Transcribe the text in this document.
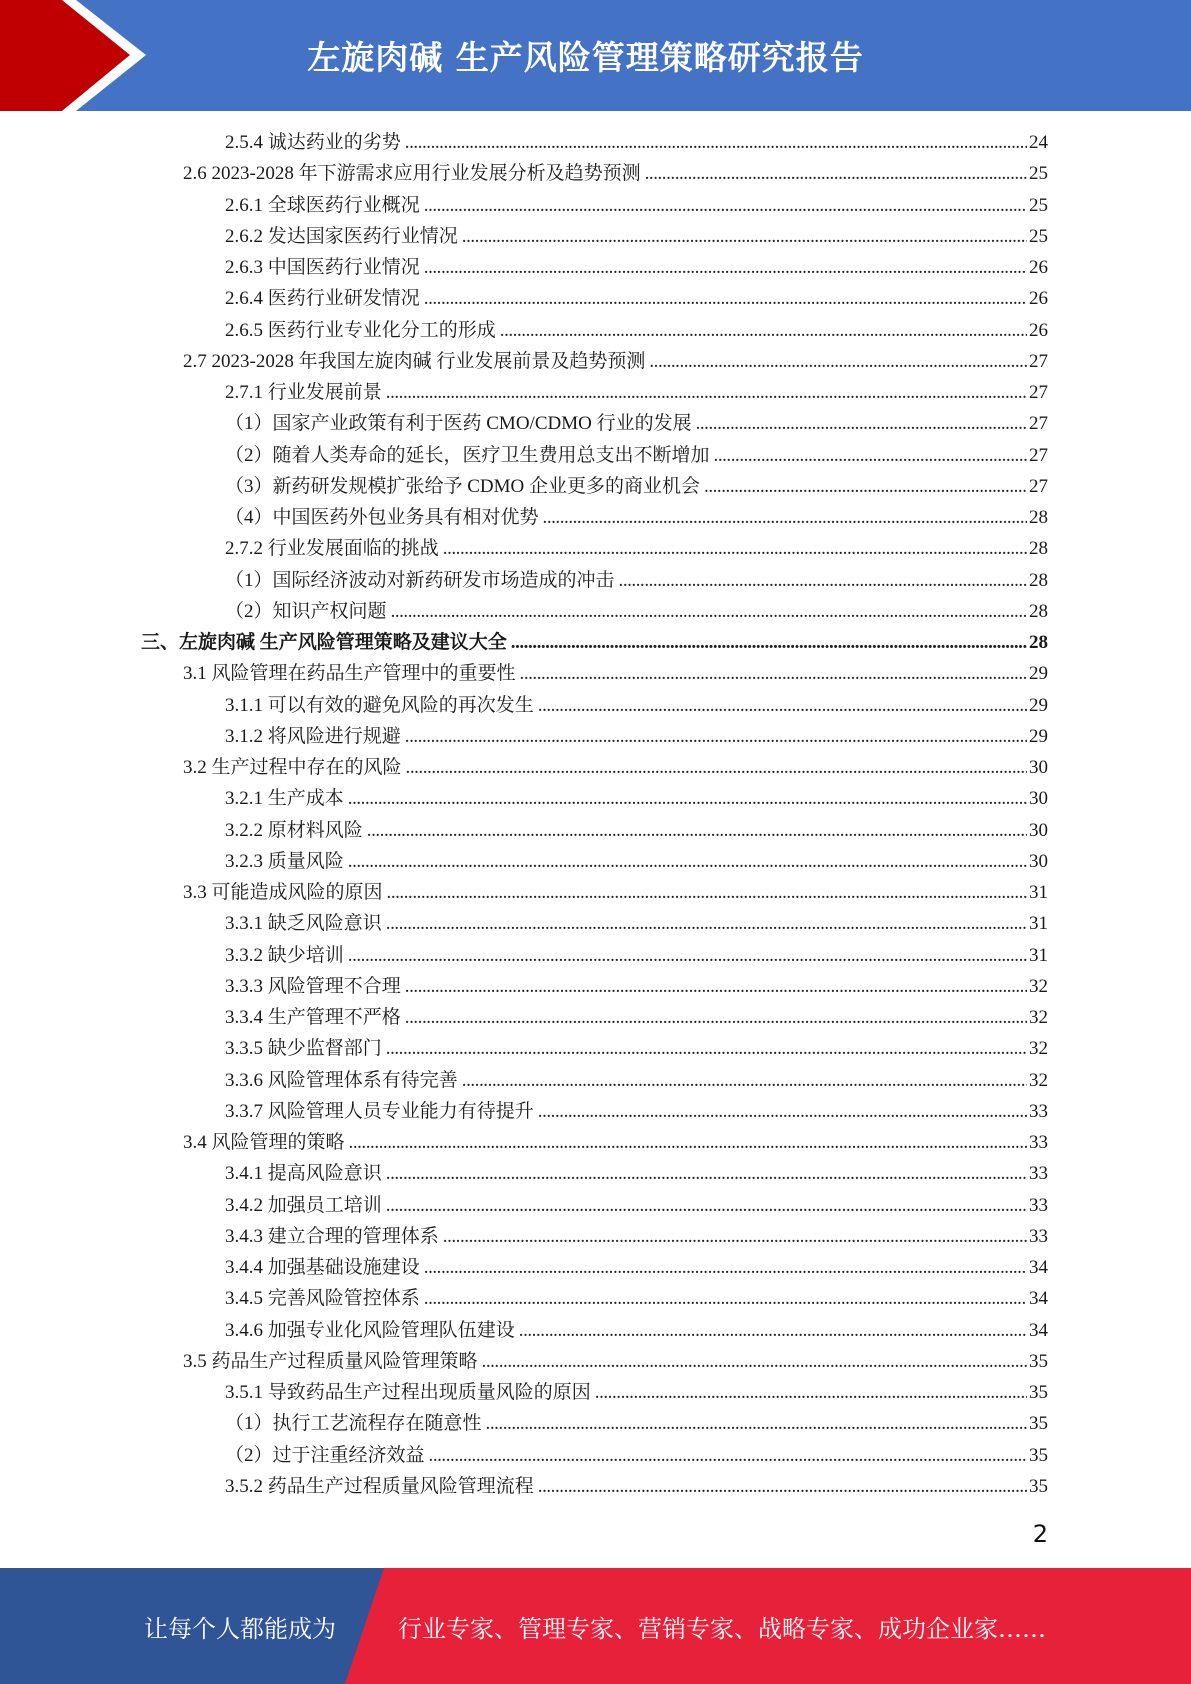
左旋肉碱 生产风险管理策略研究报告
2.5.4 诚达药业的劣势 . . .	24
2.6 2023-2028 年下游需求应用行业发展分析及趋势预测 . . .	25
2.6.1 全球医药行业概况 . . .	25
2.6.2 发达国家医药行业情况 . . .	25
2.6.3 中国医药行业情况 . . .	26
2.6.4 医药行业研发情况 . . .	26
2.6.5 医药行业专业化分工的形成 . . .	26
2.7 2023-2028 年我国左旋肉碱 行业发展前景及趋势预测 . . .	27
2.7.1 行业发展前景 . . .	27
（1）国家产业政策有利于医药 CMO/CDMO 行业的发展 . . .	27
（2）随着人类寿命的延长，医疗卫生费用总支出不断增加 . . .	27
（3）新药研发规模扩张给予 CDMO 企业更多的商业机会 . . .	27
（4）中国医药外包业务具有相对优势 . . .	28
2.7.2 行业发展面临的挑战 . . .	28
（1）国际经济波动对新药研发市场造成的冲击 . . .	28
（2）知识产权问题 . . .	28
三、左旋肉碱 生产风险管理策略及建议大全 . . .	28
3.1 风险管理在药品生产管理中的重要性 . . .	29
3.1.1 可以有效的避免风险的再次发生 . . .	29
3.1.2 将风险进行规避 . . .	29
3.2 生产过程中存在的风险 . . .	30
3.2.1 生产成本 . . .	30
3.2.2 原材料风险 . . .	30
3.2.3 质量风险 . . .	30
3.3 可能造成风险的原因 . . .	31
3.3.1 缺乏风险意识 . . .	31
3.3.2 缺少培训 . . .	31
3.3.3 风险管理不合理 . . .	32
3.3.4 生产管理不严格 . . .	32
3.3.5 缺少监督部门 . . .	32
3.3.6 风险管理体系有待完善 . . .	32
3.3.7 风险管理人员专业能力有待提升 . . .	33
3.4 风险管理的策略 . . .	33
3.4.1 提高风险意识 . . .	33
3.4.2 加强员工培训 . . .	33
3.4.3 建立合理的管理体系 . . .	33
3.4.4 加强基础设施建设 . . .	34
3.4.5 完善风险管控体系 . . .	34
3.4.6 加强专业化风险管理队伍建设 . . .	34
3.5 药品生产过程质量风险管理策略 . . .	35
3.5.1 导致药品生产过程出现质量风险的原因 . . .	35
（1）执行工艺流程存在随意性 . . .	35
（2）过于注重经济效益 . . .	35
3.5.2 药品生产过程质量风险管理流程 . . .	35
2
让每个人都能成为	行业专家、管理专家、营销专家、战略专家、成功企业家……
